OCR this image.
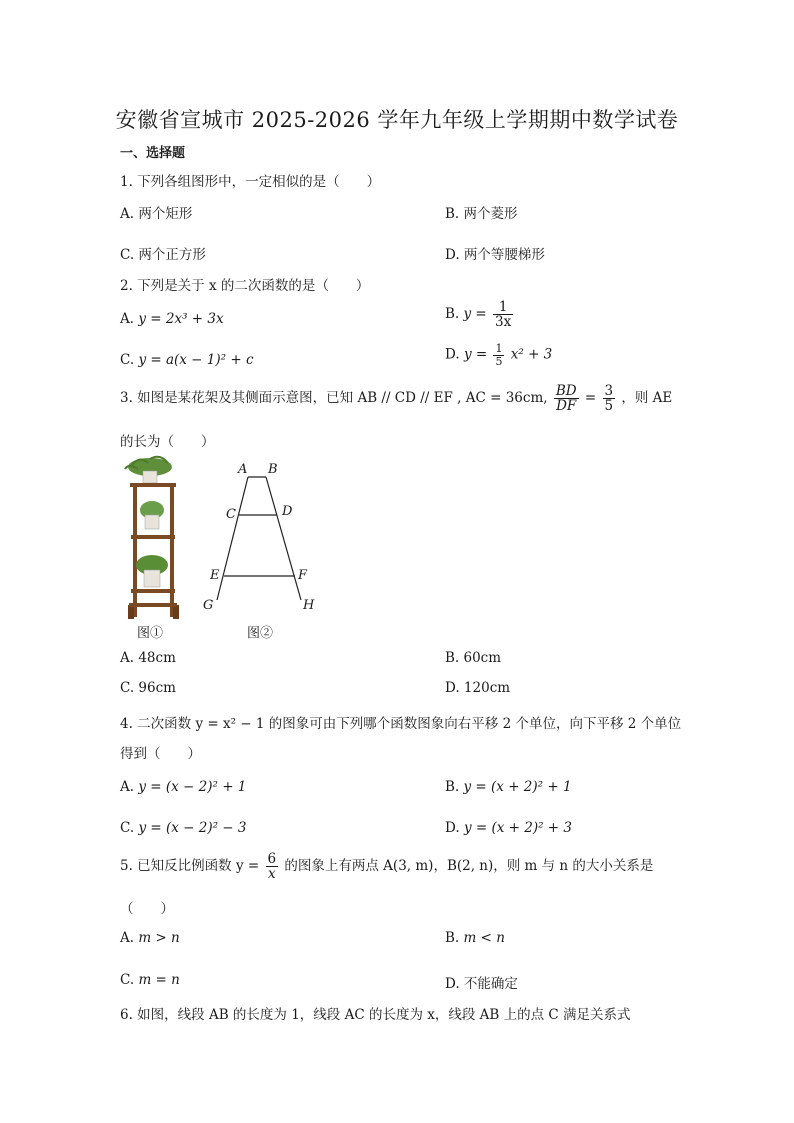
安徽省宣城市 2025-2026 学年九年级上学期期中数学试卷
一、选择题
1. 下列各组图形中，一定相似的是（　　）
A. 两个矩形	B. 两个菱形
C. 两个正方形	D. 两个等腰梯形
2. 下列是关于 x 的二次函数的是（　　）
A. y = 2x³ + 3x	B. $y = \frac{1}{3x}$
C. y = a(x − 1)² + c	D. $y = \frac{1}{5} x^2 + 3$
3. 如图是某花架及其侧面示意图，已知 AB // CD // EF , AC = 36cm, $\frac{BD}{DF} = \frac{3}{5}$ ，则 AE
的长为（　　）
A B
C	D
E	F
G	H
图①	图②
A. 48cm	B. 60cm
C. 96cm	D. 120cm
4. 二次函数 y = x² − 1 的图象可由下列哪个函数图象向右平移 2 个单位，向下平移 2 个单位
得到（　　）
A. y = (x − 2)² + 1	B. y = (x + 2)² + 1
C. y = (x − 2)² − 3	D. y = (x + 2)² + 3
5. 已知反比例函数 $y = \frac{6}{x}$ 的图象上有两点 A(3, m)，B(2, n)，则 m 与 n 的大小关系是
（　　）
A. m > n	B. m < n
C. m = n	D. 不能确定
6. 如图，线段 AB 的长度为 1，线段 AC 的长度为 x，线段 AB 上的点 C 满足关系式
